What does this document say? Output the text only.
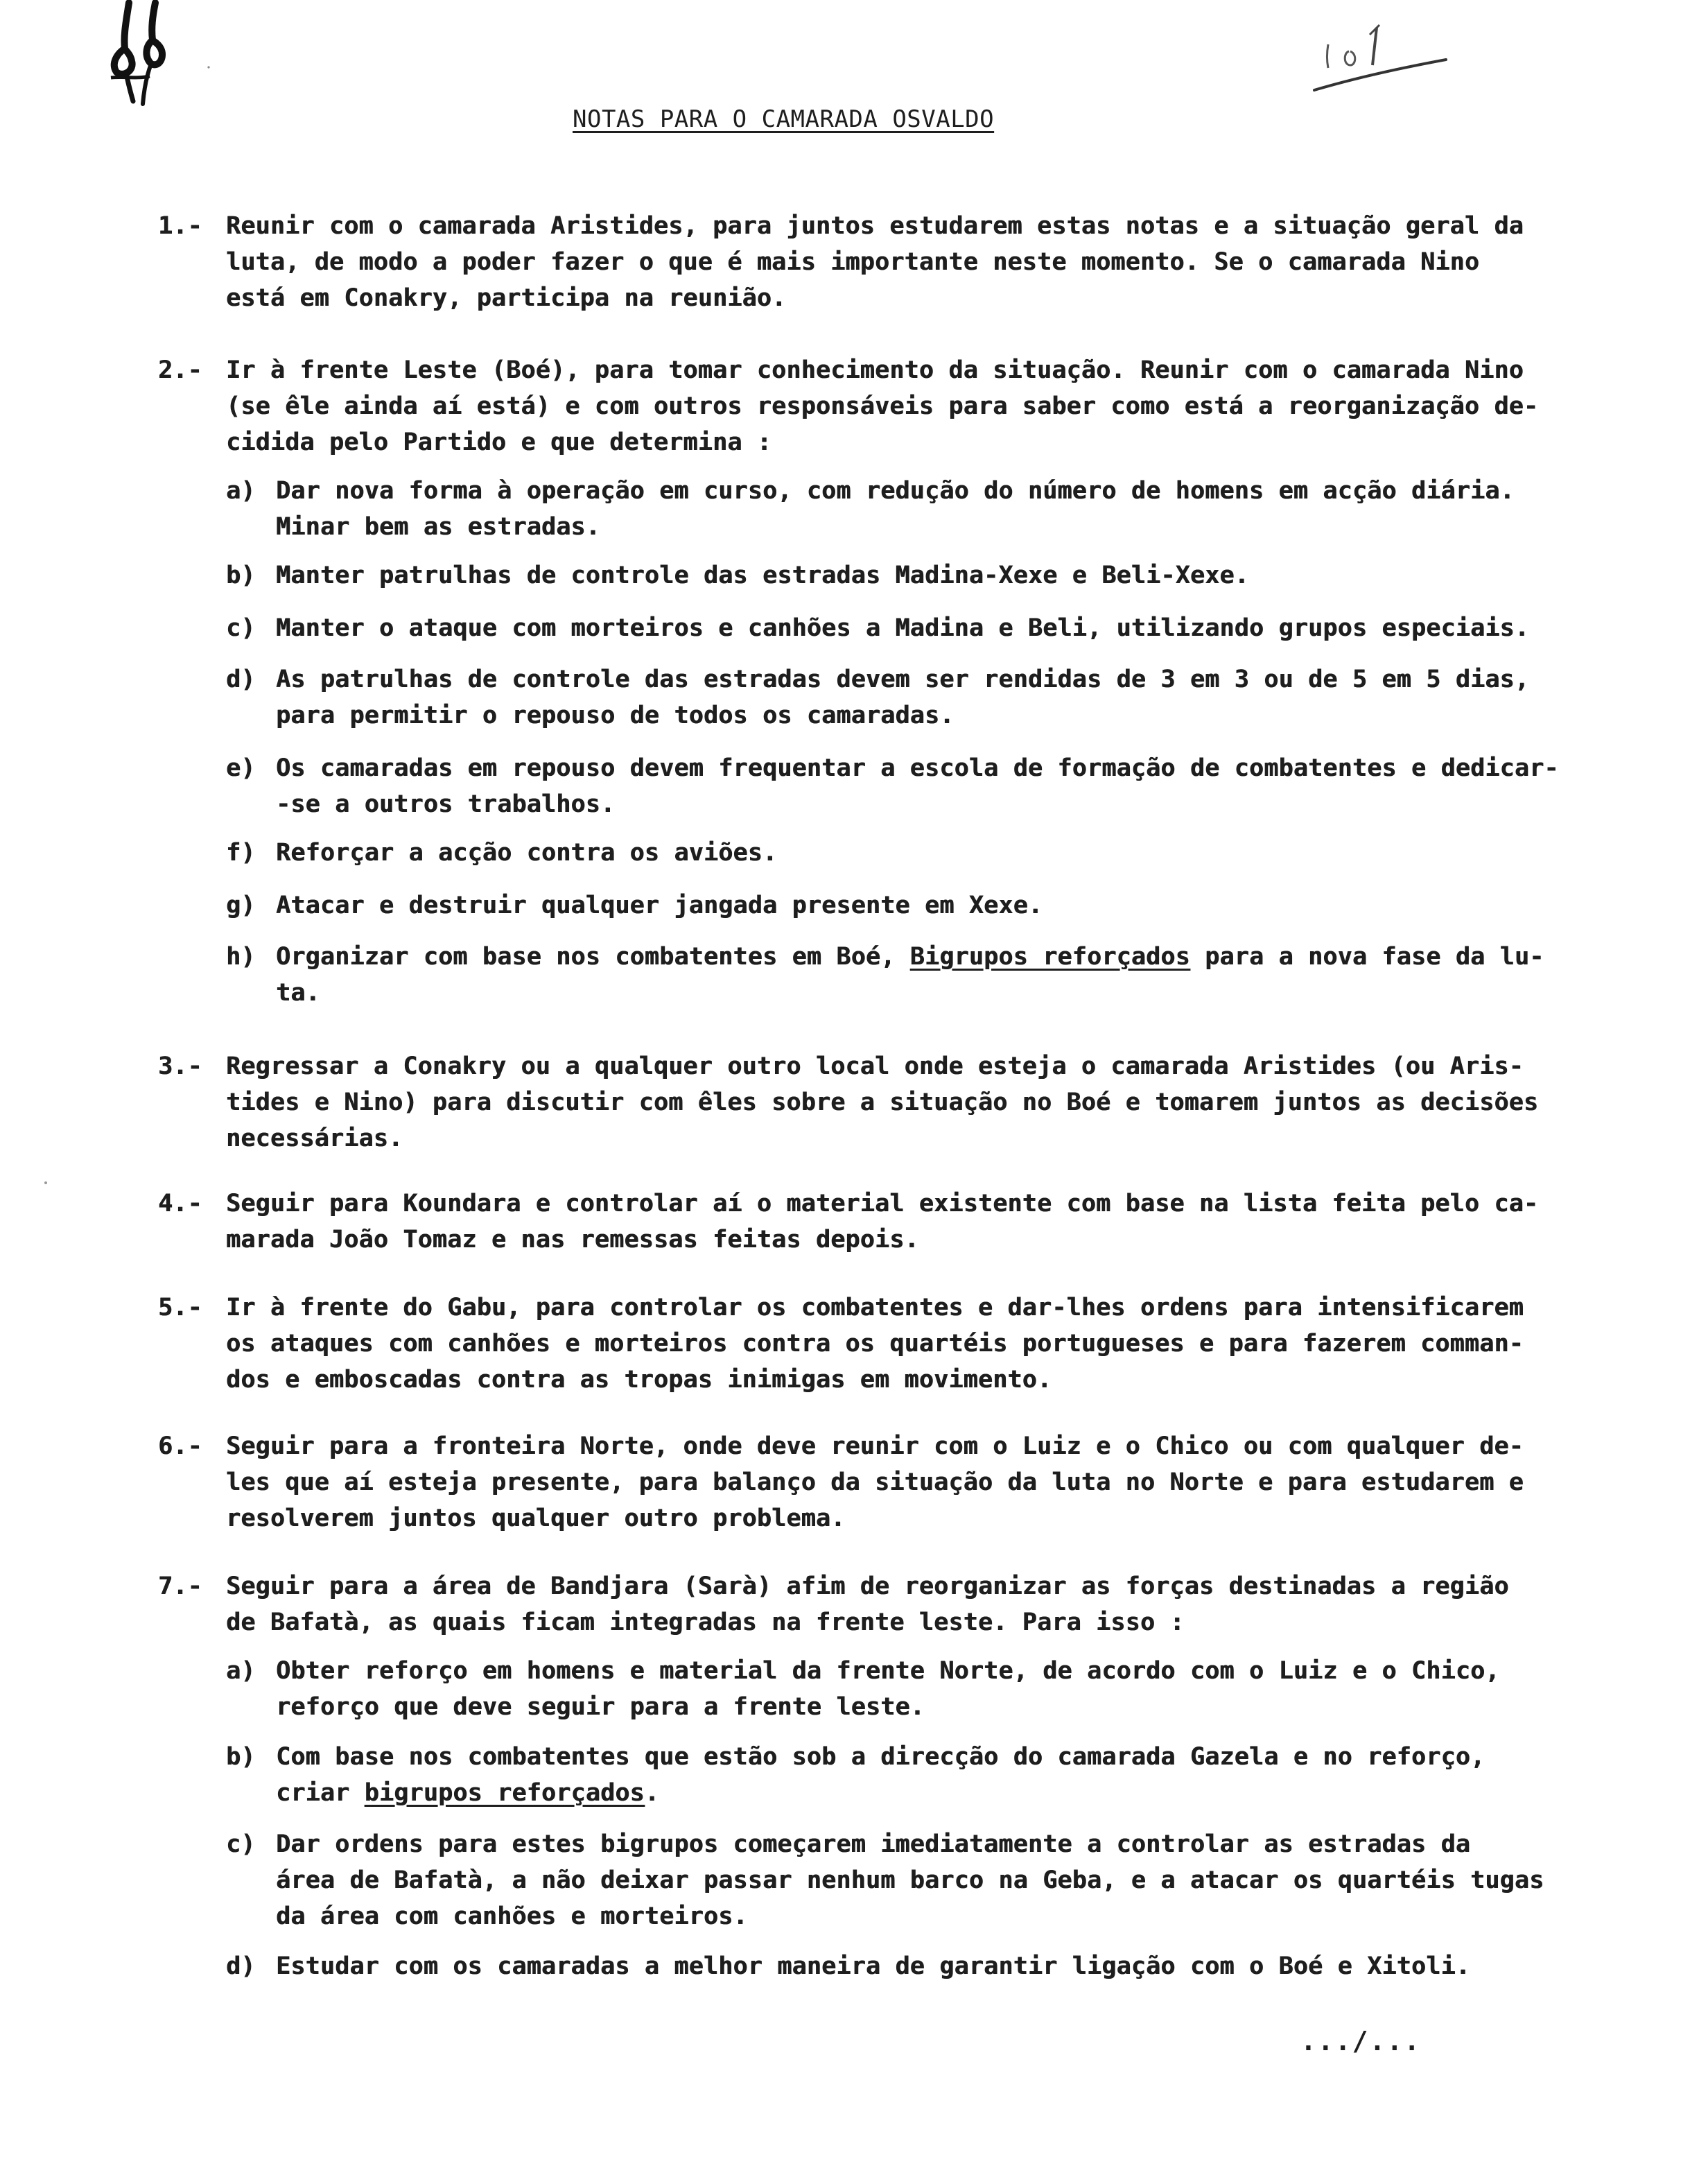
NOTAS PARA O CAMARADA OSVALDO
1.- Reunir com o camarada Aristides, para juntos estudarem estas notas e a situação geral da
luta, de modo a poder fazer o que é mais importante neste momento. Se o camarada Nino
está em Conakry, participa na reunião.
2.- Ir à frente Leste (Boé), para tomar conhecimento da situação. Reunir com o camarada Nino
(se êle ainda aí está) e com outros responsáveis para saber como está a reorganização de-
cidida pelo Partido e que determina :
a) Dar nova forma à operação em curso, com redução do número de homens em acção diária.
Minar bem as estradas.
b) Manter patrulhas de controle das estradas Madina-Xexe e Beli-Xexe.
c) Manter o ataque com morteiros e canhões a Madina e Beli, utilizando grupos especiais.
d) As patrulhas de controle das estradas devem ser rendidas de 3 em 3 ou de 5 em 5 dias,
para permitir o repouso de todos os camaradas.
e) Os camaradas em repouso devem frequentar a escola de formação de combatentes e dedicar-
-se a outros trabalhos.
f) Reforçar a acção contra os aviões.
g) Atacar e destruir qualquer jangada presente em Xexe.
h) Organizar com base nos combatentes em Boé, Bigrupos reforçados para a nova fase da lu-
ta.
3.- Regressar a Conakry ou a qualquer outro local onde esteja o camarada Aristides (ou Aris-
tides e Nino) para discutir com êles sobre a situação no Boé e tomarem juntos as decisões
necessárias.
4.- Seguir para Koundara e controlar aí o material existente com base na lista feita pelo ca-
marada João Tomaz e nas remessas feitas depois.
5.- Ir à frente do Gabu, para controlar os combatentes e dar-lhes ordens para intensificarem
os ataques com canhões e morteiros contra os quartéis portugueses e para fazerem comman-
dos e emboscadas contra as tropas inimigas em movimento.
6.- Seguir para a fronteira Norte, onde deve reunir com o Luiz e o Chico ou com qualquer de-
les que aí esteja presente, para balanço da situação da luta no Norte e para estudarem e
resolverem juntos qualquer outro problema.
7.- Seguir para a área de Bandjara (Sarà) afim de reorganizar as forças destinadas a região
de Bafatà, as quais ficam integradas na frente leste. Para isso :
a) Obter reforço em homens e material da frente Norte, de acordo com o Luiz e o Chico,
reforço que deve seguir para a frente leste.
b) Com base nos combatentes que estão sob a direcção do camarada Gazela e no reforço,
criar bigrupos reforçados.
c) Dar ordens para estes bigrupos começarem imediatamente a controlar as estradas da
área de Bafatà, a não deixar passar nenhum barco na Geba, e a atacar os quartéis tugas
da área com canhões e morteiros.
d) Estudar com os camaradas a melhor maneira de garantir ligação com o Boé e Xitoli.
.../...
